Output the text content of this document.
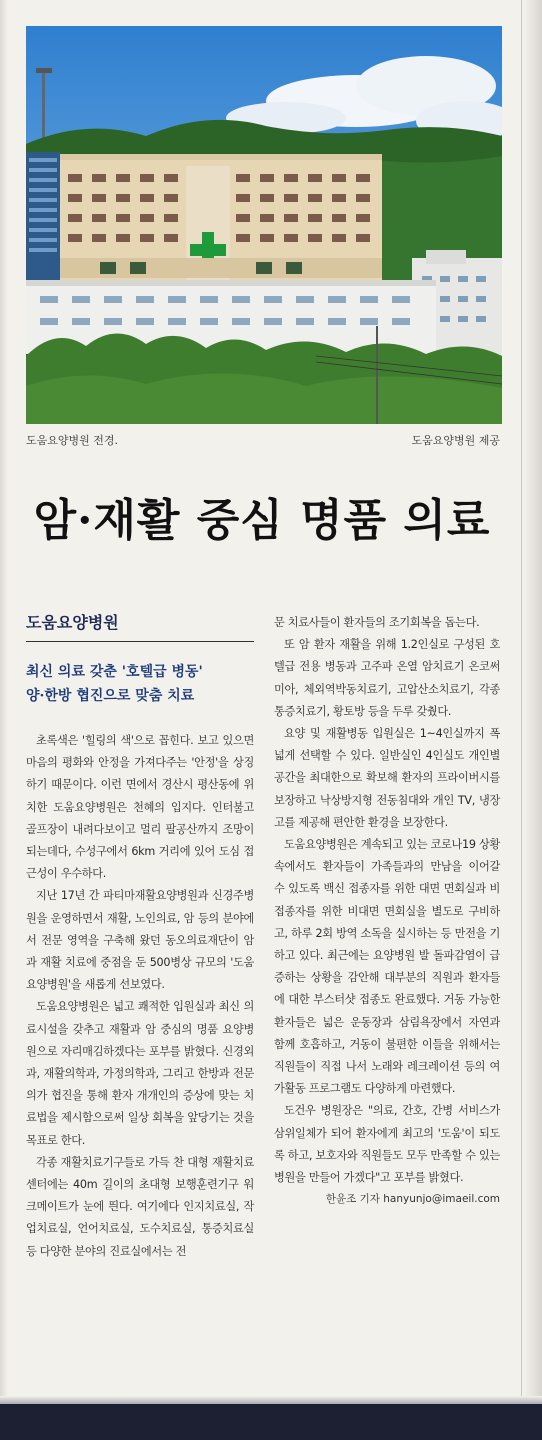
도움요양병원 전경.	도움요양병원 제공
암·재활 중심 명품 의료
도움요양병원
최신 의료 갖춘 '호텔급 병동'
양·한방 협진으로 맞춤 치료

초록색은 '힐링의 색'으로 꼽힌다. 보고 있으면 마음의 평화와 안정을 가져다주는 '안정'을 상징하기 때문이다. 이런 면에서 경산시 평산동에 위치한 도움요양병원은 천혜의 입지다. 인터불고 골프장이 내려다보이고 멀리 팔공산까지 조망이 되는데다, 수성구에서 6km 거리에 있어 도심 접근성이 우수하다.

지난 17년 간 파티마재활요양병원과 신경주병원을 운영하면서 재활, 노인의료, 암 등의 분야에서 전문 영역을 구축해 왔던 동오의료재단이 암과 재활 치료에 중점을 둔 500병상 규모의 '도움요양병원'을 새롭게 선보였다.

도움요양병원은 넓고 쾌적한 입원실과 최신 의료시설을 갖추고 재활과 암 중심의 명품 요양병원으로 자리매김하겠다는 포부를 밝혔다. 신경외과, 재활의학과, 가정의학과, 그리고 한방과 전문의가 협진을 통해 환자 개개인의 증상에 맞는 치료법을 제시함으로써 일상 회복을 앞당기는 것을 목표로 한다.

각종 재활치료기구들로 가득 찬 대형 재활치료센터에는 40m 길이의 초대형 보행훈련기구 워크메이트가 눈에 띈다. 여기에다 인지치료실, 작업치료실, 언어치료실, 도수치료실, 통증치료실 등 다양한 분야의 진료실에서는 전

문 치료사들이 환자들의 조기회복을 돕는다.

또 암 환자 재활을 위해 1.2인실로 구성된 호텔급 전용 병동과 고주파 온열 암치료기 온코써미아, 체외역박동치료기, 고압산소치료기, 각종 통증치료기, 황토방 등을 두루 갖췄다.

요양 및 재활병동 입원실은 1~4인실까지 폭넓게 선택할 수 있다. 일반실인 4인실도 개인별 공간을 최대한으로 확보해 환자의 프라이버시를 보장하고 낙상방지형 전동침대와 개인 TV, 냉장고를 제공해 편안한 환경을 보장한다.

도움요양병원은 계속되고 있는 코로나19 상황 속에서도 환자들이 가족들과의 만남을 이어갈 수 있도록 백신 접종자를 위한 대면 면회실과 비접종자를 위한 비대면 면회실을 별도로 구비하고, 하루 2회 방역 소독을 실시하는 등 만전을 기하고 있다. 최근에는 요양병원 발 돌파감염이 급증하는 상황을 감안해 대부분의 직원과 환자들에 대한 부스터샷 접종도 완료했다. 거동 가능한 환자들은 넓은 운동장과 삼림욕장에서 자연과 함께 호흡하고, 거동이 불편한 이들을 위해서는 직원들이 직접 나서 노래와 레크레이션 등의 여가활동 프로그램도 다양하게 마련했다.

도건우 병원장은 "의료, 간호, 간병 서비스가 삼위일체가 되어 환자에게 최고의 '도움'이 되도록 하고, 보호자와 직원들도 모두 만족할 수 있는 병원을 만들어 가겠다"고 포부를 밝혔다.

한윤조 기자 hanyunjo@imaeil.com
